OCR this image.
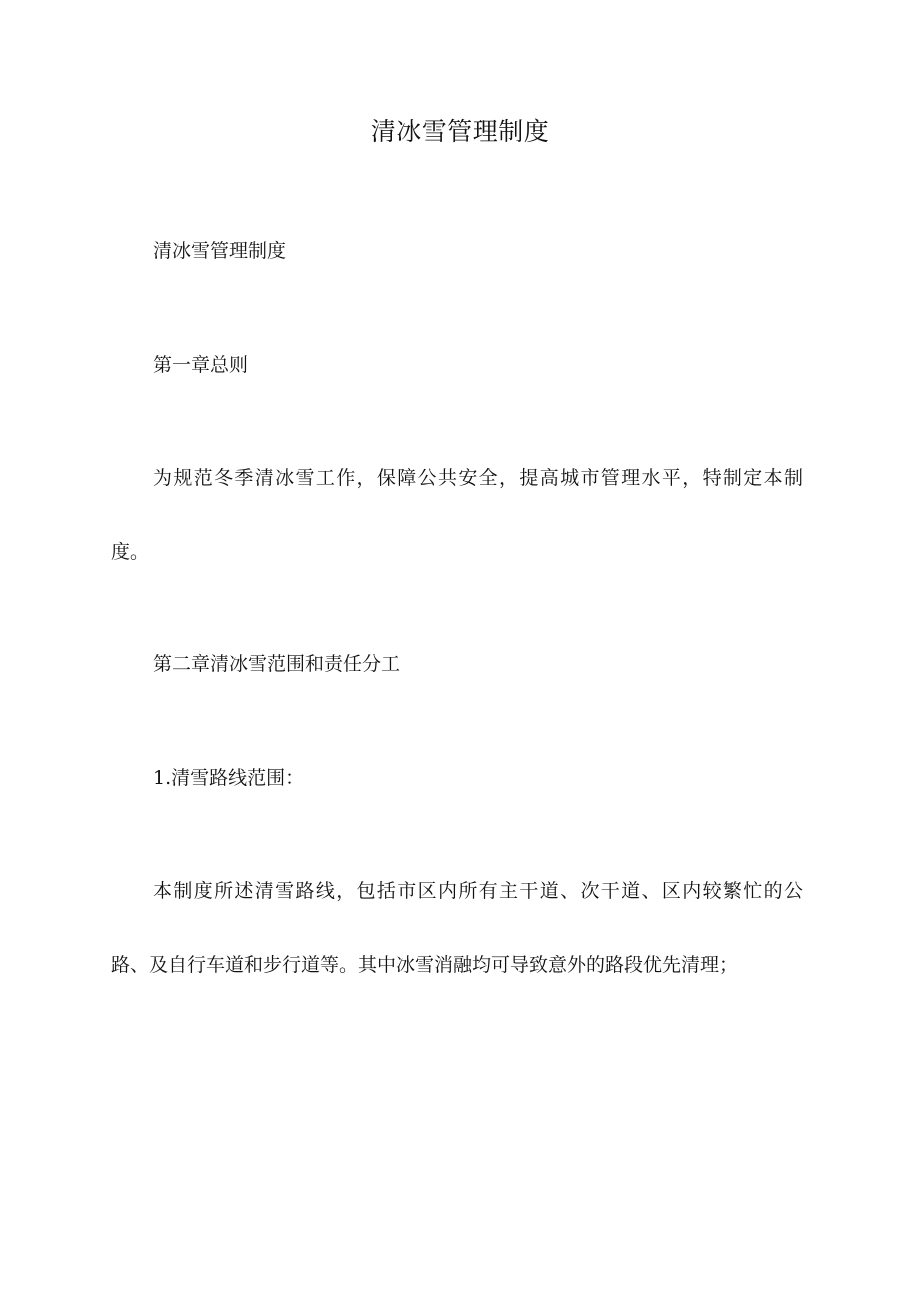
清冰雪管理制度
清冰雪管理制度
第一章总则
为规范冬季清冰雪工作，保障公共安全，提高城市管理水平，特制定本制
度。
第二章清冰雪范围和责任分工
1.清雪路线范围：
本制度所述清雪路线，包括市区内所有主干道、次干道、区内较繁忙的公
路、及自行车道和步行道等。其中冰雪消融均可导致意外的路段优先清理；
